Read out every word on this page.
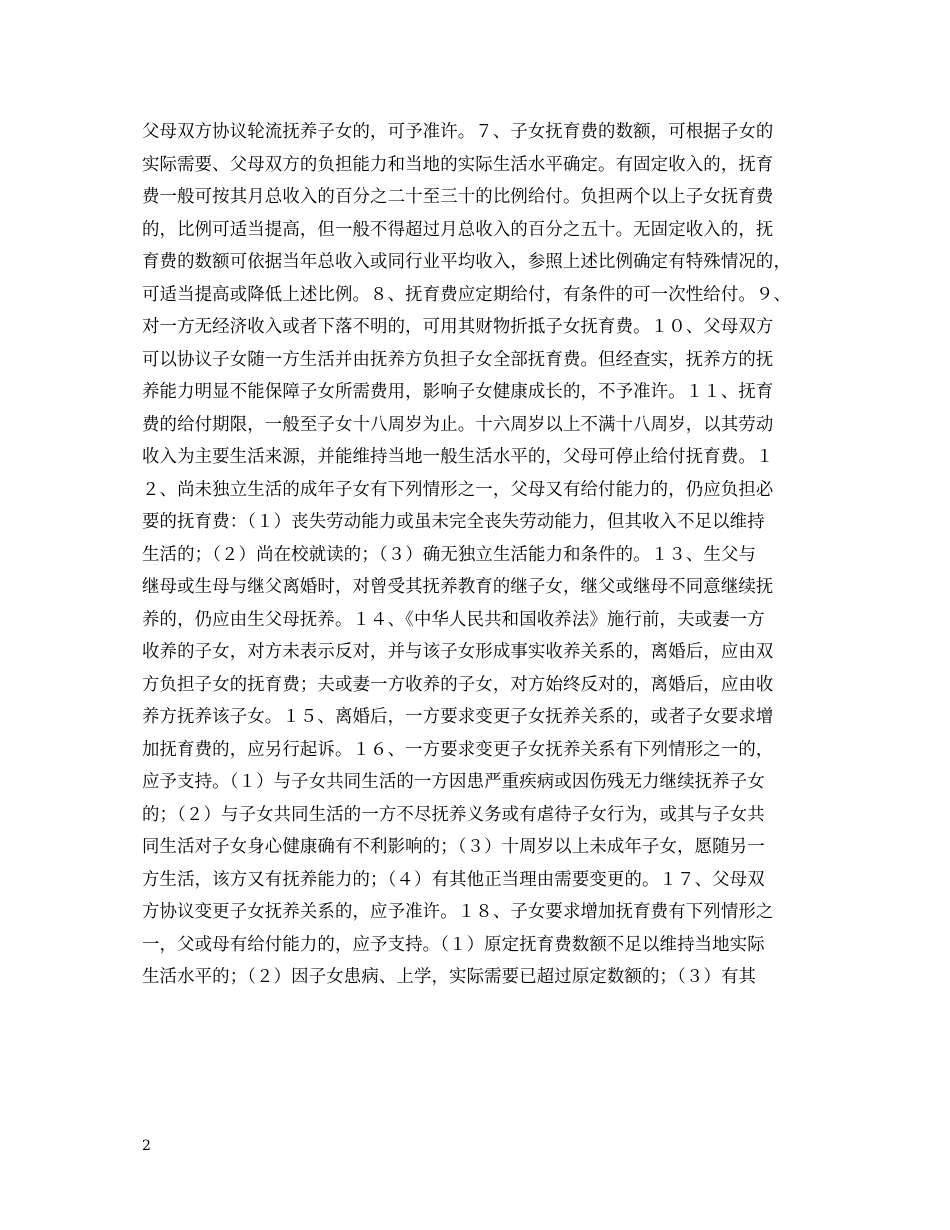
父母双方协议轮流抚养子女的，可予准许。７、子女抚育费的数额，可根据子女的
实际需要、父母双方的负担能力和当地的实际生活水平确定。有固定收入的，抚育
费一般可按其月总收入的百分之二十至三十的比例给付。负担两个以上子女抚育费
的，比例可适当提高，但一般不得超过月总收入的百分之五十。无固定收入的，抚
育费的数额可依据当年总收入或同行业平均收入，参照上述比例确定有特殊情况的，
可适当提高或降低上述比例。８、抚育费应定期给付，有条件的可一次性给付。９、
对一方无经济收入或者下落不明的，可用其财物折抵子女抚育费。１０、父母双方
可以协议子女随一方生活并由抚养方负担子女全部抚育费。但经查实，抚养方的抚
养能力明显不能保障子女所需费用，影响子女健康成长的，不予准许。１１、抚育
费的给付期限，一般至子女十八周岁为止。十六周岁以上不满十八周岁，以其劳动
收入为主要生活来源，并能维持当地一般生活水平的，父母可停止给付抚育费。１
２、尚未独立生活的成年子女有下列情形之一，父母又有给付能力的，仍应负担必
要的抚育费：（１）丧失劳动能力或虽未完全丧失劳动能力，但其收入不足以维持
生活的；（２）尚在校就读的；（３）确无独立生活能力和条件的。１３、生父与
继母或生母与继父离婚时，对曾受其抚养教育的继子女，继父或继母不同意继续抚
养的，仍应由生父母抚养。１４、《中华人民共和国收养法》施行前，夫或妻一方
收养的子女，对方未表示反对，并与该子女形成事实收养关系的，离婚后，应由双
方负担子女的抚育费；夫或妻一方收养的子女，对方始终反对的，离婚后，应由收
养方抚养该子女。１５、离婚后，一方要求变更子女抚养关系的，或者子女要求增
加抚育费的，应另行起诉。１６、一方要求变更子女抚养关系有下列情形之一的，
应予支持。（１）与子女共同生活的一方因患严重疾病或因伤残无力继续抚养子女
的；（２）与子女共同生活的一方不尽抚养义务或有虐待子女行为，或其与子女共
同生活对子女身心健康确有不利影响的；（３）十周岁以上未成年子女，愿随另一
方生活，该方又有抚养能力的；（４）有其他正当理由需要变更的。１７、父母双
方协议变更子女抚养关系的，应予准许。１８、子女要求增加抚育费有下列情形之
一，父或母有给付能力的，应予支持。（１）原定抚育费数额不足以维持当地实际
生活水平的；（２）因子女患病、上学，实际需要已超过原定数额的；（３）有其
2
